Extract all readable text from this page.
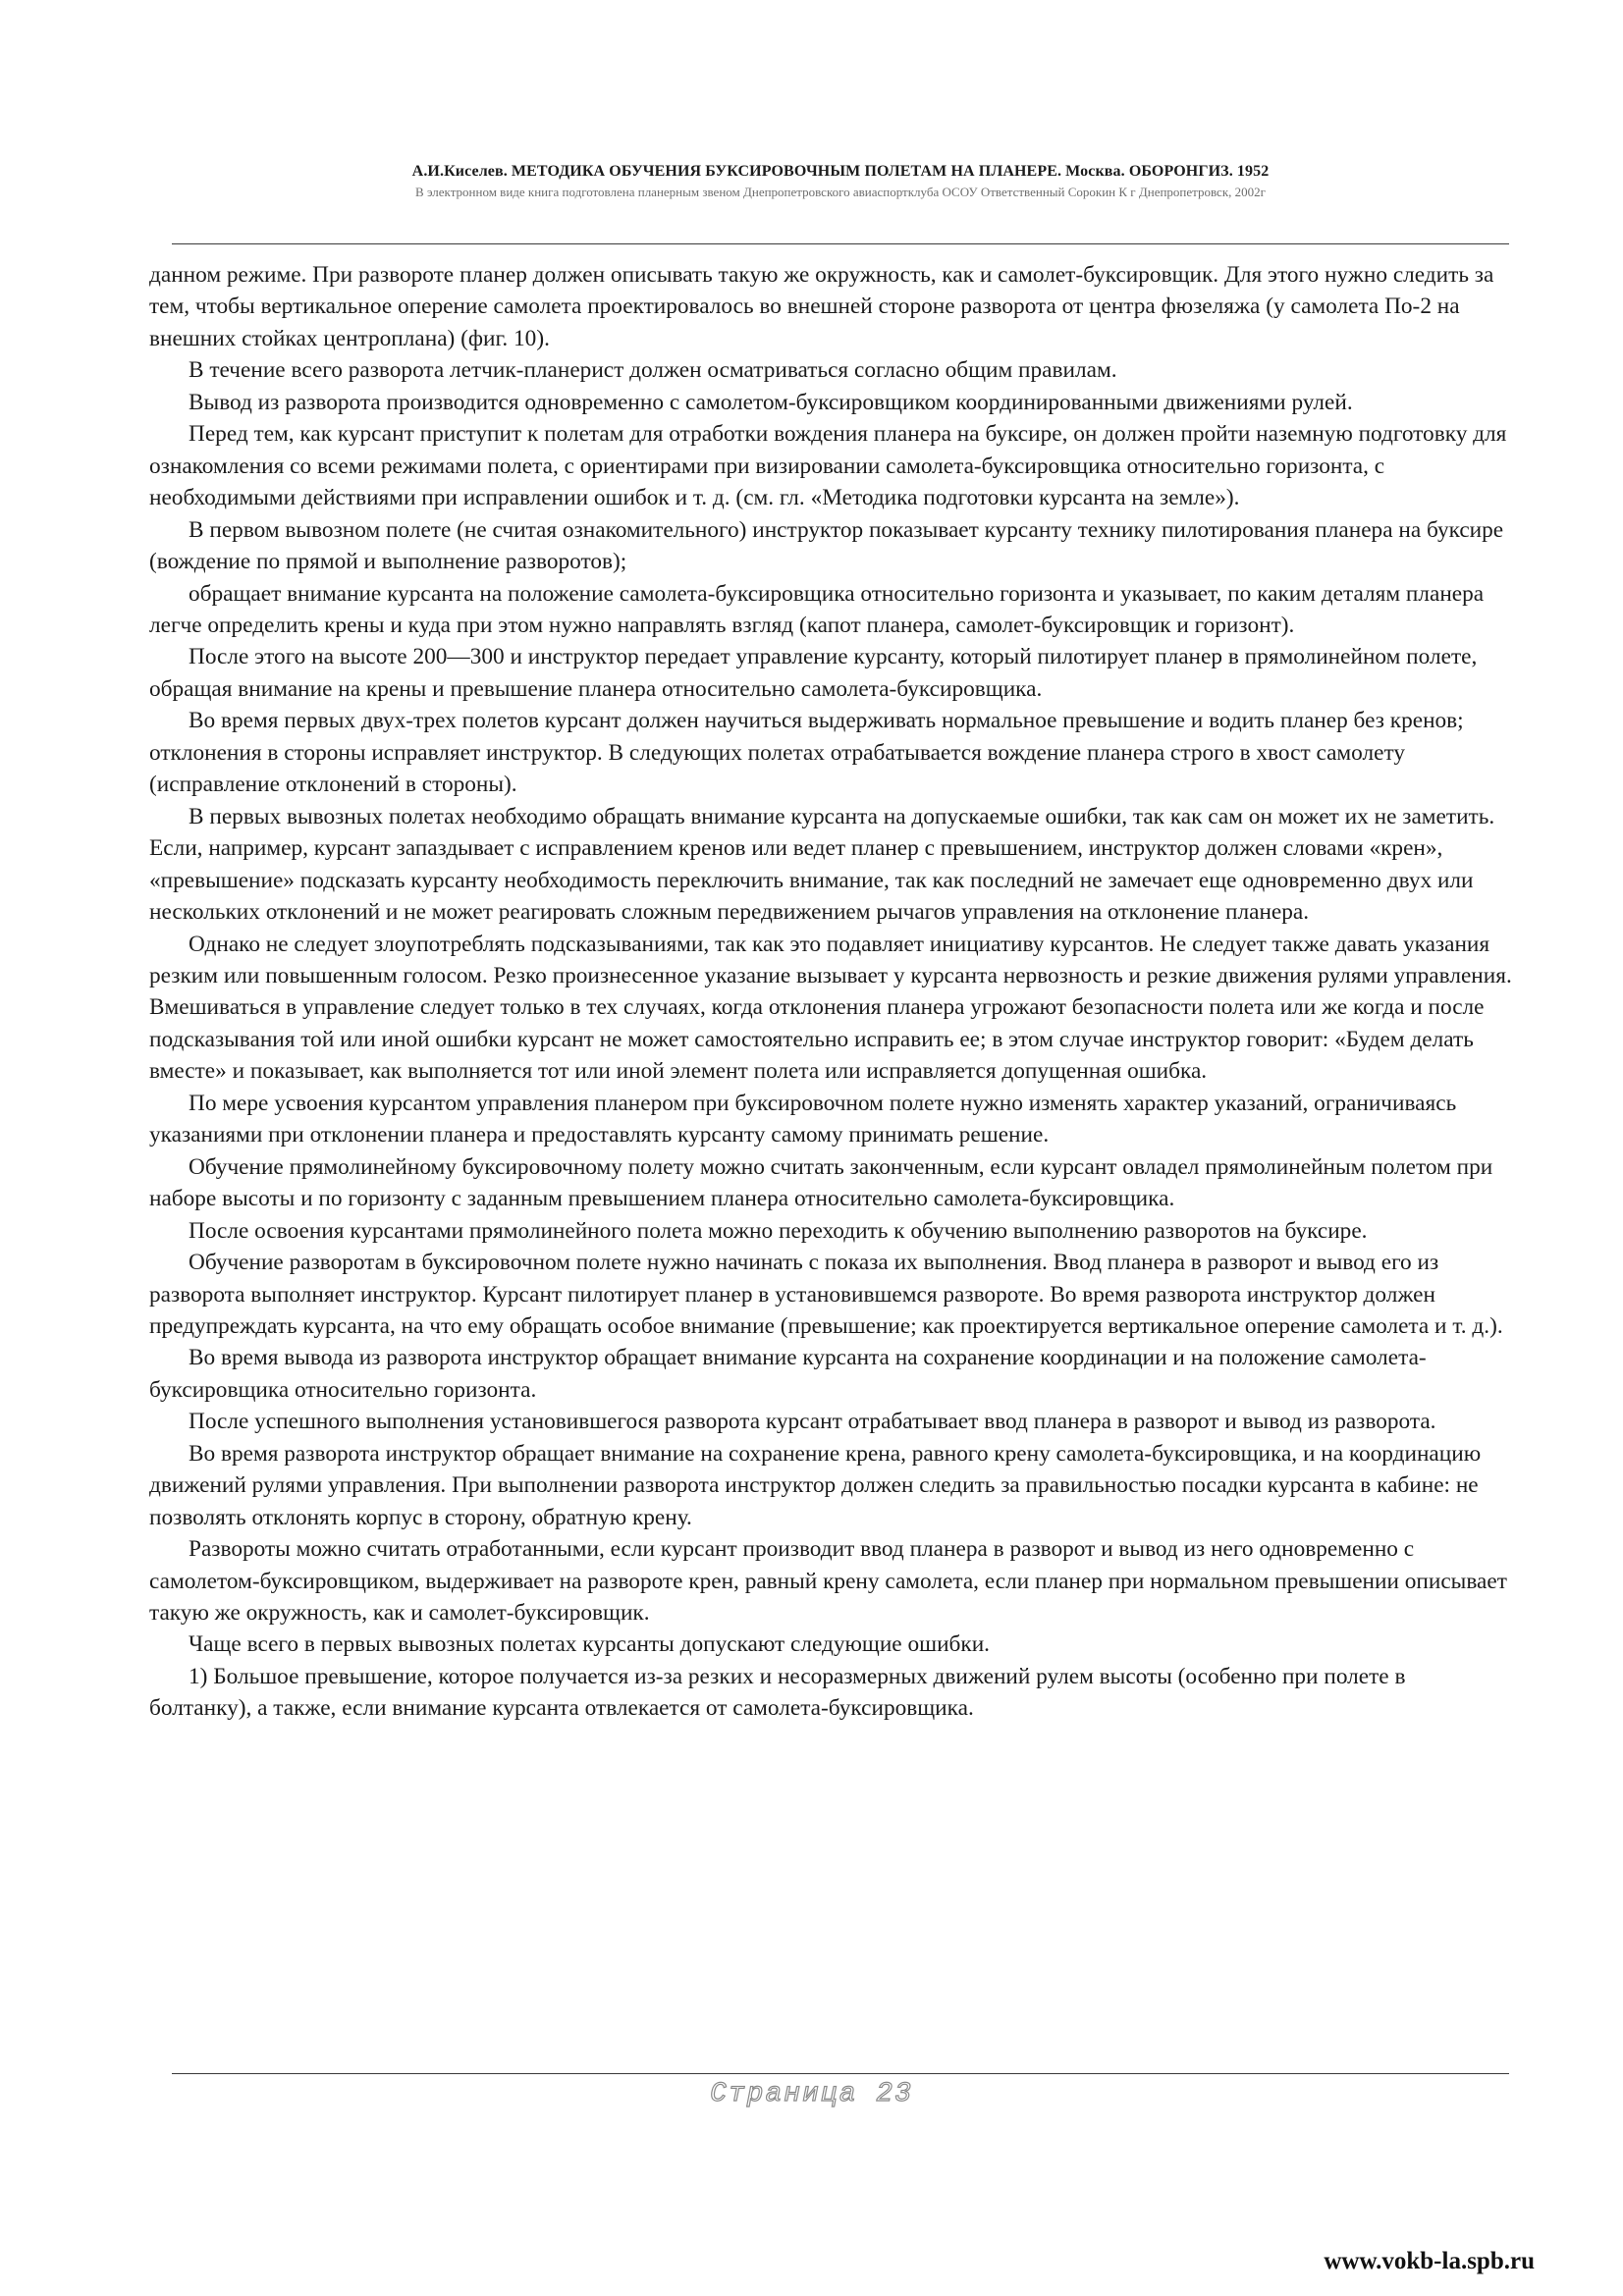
А.И.Киселев. МЕТОДИКА ОБУЧЕНИЯ БУКСИРОВОЧНЫМ ПОЛЕТАМ НА ПЛАНЕРЕ. Москва. ОБОРОНГИЗ. 1952
В электронном виде книга подготовлена планерным звеном Днепропетровского авиаспортклуба ОСОУ Ответственный Сорокин К г Днепропетровск, 2002г

данном режиме. При развороте планер должен описывать такую же окружность, как и самолет-буксировщик. Для этого нужно следить за тем, чтобы вертикальное оперение самолета проектировалось во внешней стороне разворота от центра фюзеляжа (у самолета По-2 на внешних стойках центроплана) (фиг. 10).

В течение всего разворота летчик-планерист должен осматриваться согласно общим правилам.

Вывод из разворота производится одновременно с самолетом-буксировщиком координированными движениями рулей.

Перед тем, как курсант приступит к полетам для отработки вождения планера на буксире, он должен пройти наземную подготовку для ознакомления со всеми режимами полета, с ориентирами при визировании самолета-буксировщика относительно горизонта, с необходимыми действиями при исправлении ошибок и т. д. (см. гл. «Методика подготовки курсанта на земле»).

В первом вывозном полете (не считая ознакомительного) инструктор показывает курсанту технику пилотирования планера на буксире (вождение по прямой и выполнение разворотов);

обращает внимание курсанта на положение самолета-буксировщика относительно горизонта и указывает, по каким деталям планера легче определить крены и куда при этом нужно направлять взгляд (капот планера, самолет-буксировщик и горизонт).

После этого на высоте 200—300 и инструктор передает управление курсанту, который пилотирует планер в прямолинейном полете, обращая внимание на крены и превышение планера относительно самолета-буксировщика.

Во время первых двух-трех полетов курсант должен научиться выдерживать нормальное превышение и водить планер без кренов; отклонения в стороны исправляет инструктор. В следующих полетах отрабатывается вождение планера строго в хвост самолету (исправление отклонений в стороны).

В первых вывозных полетах необходимо обращать внимание курсанта на допускаемые ошибки, так как сам он может их не заметить. Если, например, курсант запаздывает с исправлением кренов или ведет планер с превышением, инструктор должен словами «крен», «превышение» подсказать курсанту необходимость переключить внимание, так как последний не замечает еще одновременно двух или нескольких отклонений и не может реагировать сложным передвижением рычагов управления на отклонение планера.

Однако не следует злоупотреблять подсказываниями, так как это подавляет инициативу курсантов. Не следует также давать указания резким или повышенным голосом. Резко произнесенное указание вызывает у курсанта нервозность и резкие движения рулями управления. Вмешиваться в управление следует только в тех случаях, когда отклонения планера угрожают безопасности полета или же когда и после подсказывания той или иной ошибки курсант не может самостоятельно исправить ее; в этом случае инструктор говорит: «Будем делать вместе» и показывает, как выполняется тот или иной элемент полета или исправляется допущенная ошибка.

По мере усвоения курсантом управления планером при буксировочном полете нужно изменять характер указаний, ограничиваясь указаниями при отклонении планера и предоставлять курсанту самому принимать решение.

Обучение прямолинейному буксировочному полету можно считать законченным, если курсант овладел прямолинейным полетом при наборе высоты и по горизонту с заданным превышением планера относительно самолета-буксировщика.

После освоения курсантами прямолинейного полета можно переходить к обучению выполнению разворотов на буксире.

Обучение разворотам в буксировочном полете нужно начинать с показа их выполнения. Ввод планера в разворот и вывод его из разворота выполняет инструктор. Курсант пилотирует планер в установившемся развороте. Во время разворота инструктор должен предупреждать курсанта, на что ему обращать особое внимание (превышение; как проектируется вертикальное оперение самолета и т. д.).

Во время вывода из разворота инструктор обращает внимание курсанта на сохранение координации и на положение самолета-буксировщика относительно горизонта.

После успешного выполнения установившегося разворота курсант отрабатывает ввод планера в разворот и вывод из разворота.

Во время разворота инструктор обращает внимание на сохранение крена, равного крену самолета-буксировщика, и на координацию движений рулями управления. При выполнении разворота инструктор должен следить за правильностью посадки курсанта в кабине: не позволять отклонять корпус в сторону, обратную крену.

Развороты можно считать отработанными, если курсант производит ввод планера в разворот и вывод из него одновременно с самолетом-буксировщиком, выдерживает на развороте крен, равный крену самолета, если планер при нормальном превышении описывает такую же окружность, как и самолет-буксировщик.

Чаще всего в первых вывозных полетах курсанты допускают следующие ошибки.

1) Большое превышение, которое получается из-за резких и несоразмерных движений рулем высоты (особенно при полете в болтанку), а также, если внимание курсанта отвлекается от самолета-буксировщика.

Страница 23
www.vokb-la.spb.ru
